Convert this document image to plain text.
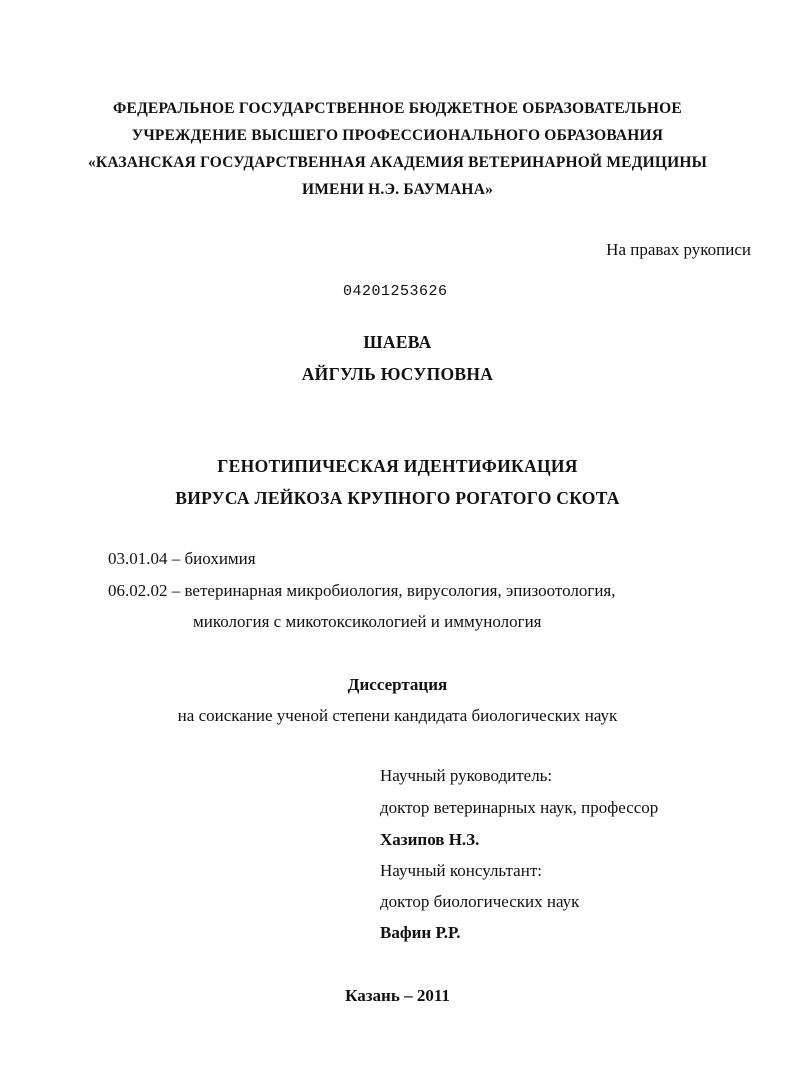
ФЕДЕРАЛЬНОЕ ГОСУДАРСТВЕННОЕ БЮДЖЕТНОЕ ОБРАЗОВАТЕЛЬНОЕ
УЧРЕЖДЕНИЕ ВЫСШЕГО ПРОФЕССИОНАЛЬНОГО ОБРАЗОВАНИЯ
«КАЗАНСКАЯ ГОСУДАРСТВЕННАЯ АКАДЕМИЯ ВЕТЕРИНАРНОЙ МЕДИЦИНЫ
ИМЕНИ Н.Э. БАУМАНА»
На правах рукописи
04201253626
ШАЕВА
АЙГУЛЬ ЮСУПОВНА
ГЕНОТИПИЧЕСКАЯ ИДЕНТИФИКАЦИЯ
ВИРУСА ЛЕЙКОЗА КРУПНОГО РОГАТОГО СКОТА
03.01.04 – биохимия
06.02.02 – ветеринарная микробиология, вирусология, эпизоотология,
микология с микотоксикологией и иммунология
Диссертация
на соискание ученой степени кандидата биологических наук
Научный руководитель:
доктор ветеринарных наук, профессор
Хазипов Н.З.
Научный консультант:
доктор биологических наук
Вафин Р.Р.
Казань – 2011
